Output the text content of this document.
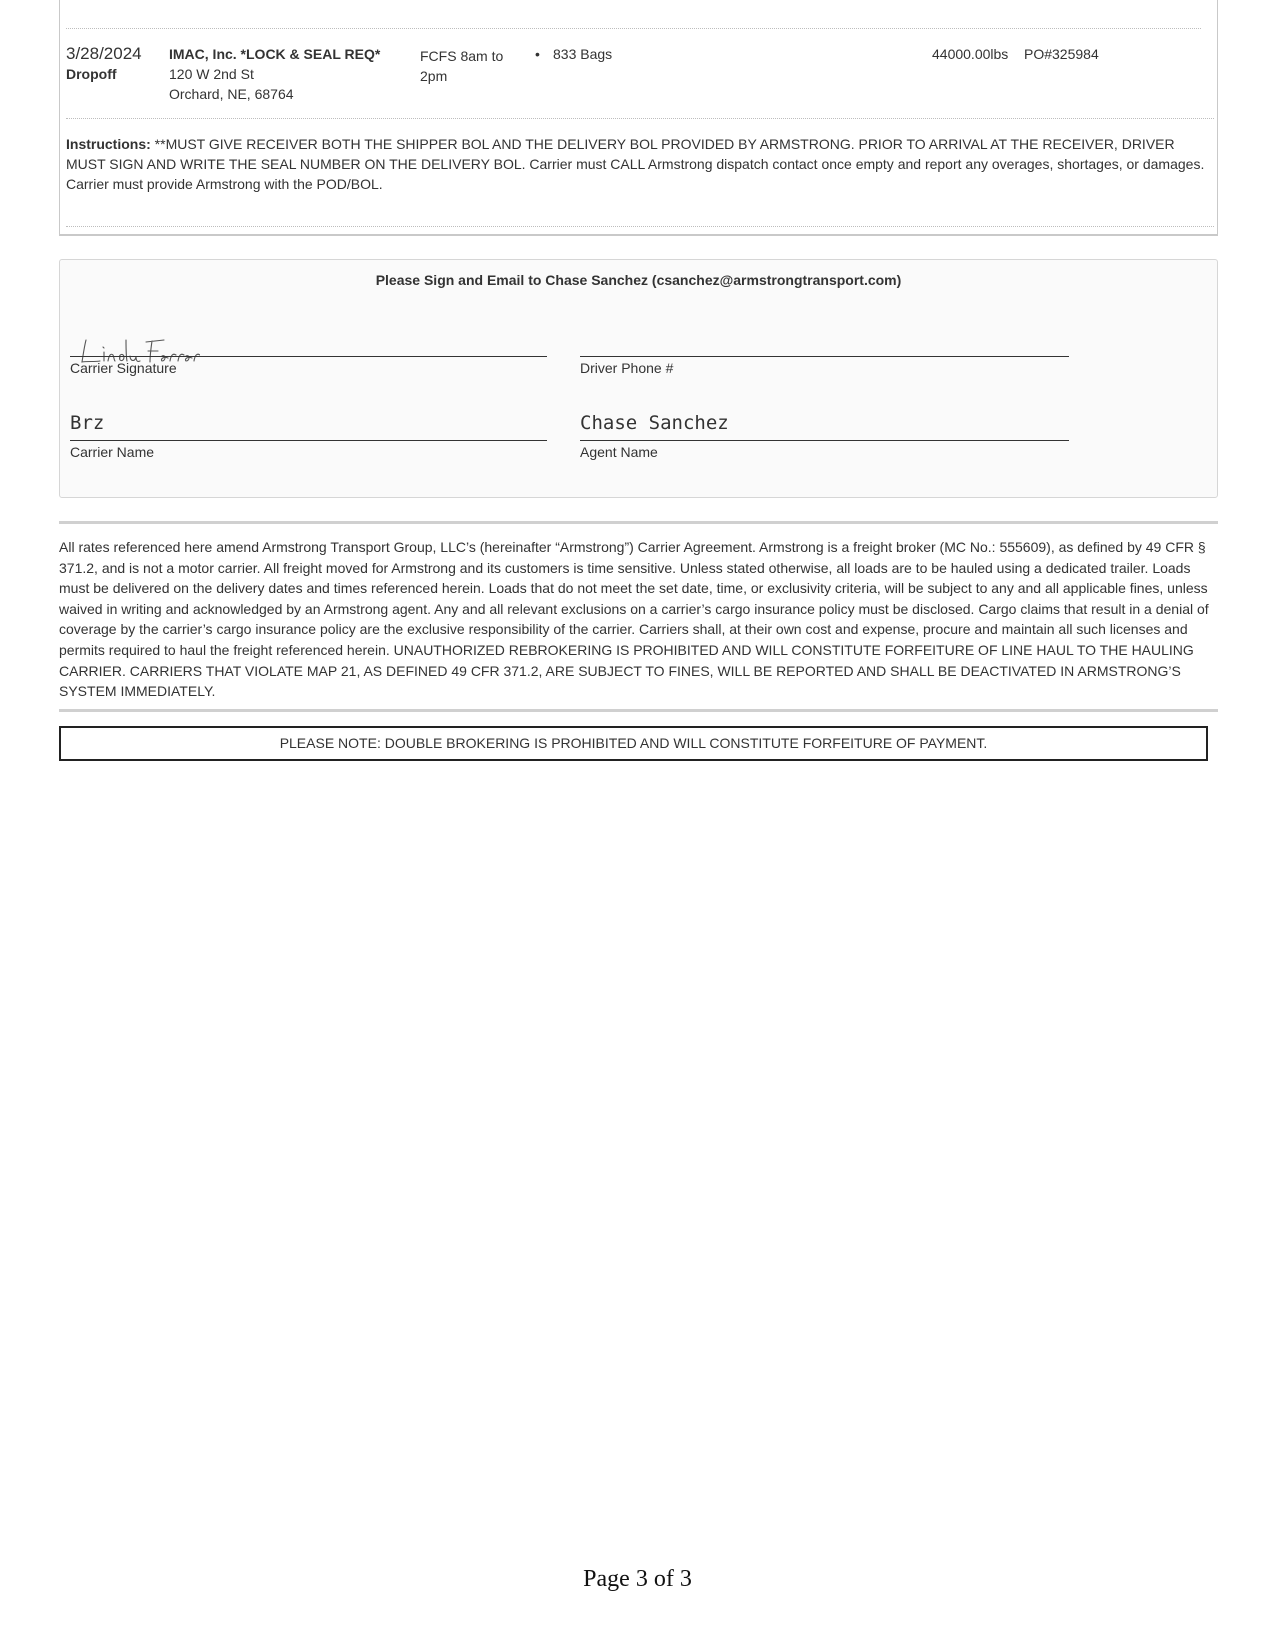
3/28/2024
Dropoff
IMAC, Inc. *LOCK & SEAL REQ*
120 W 2nd St
Orchard, NE, 68764
FCFS 8am to 2pm
• 833 Bags	44000.00lbs PO#325984
Instructions: **MUST GIVE RECEIVER BOTH THE SHIPPER BOL AND THE DELIVERY BOL PROVIDED BY ARMSTRONG. PRIOR TO ARRIVAL AT THE RECEIVER, DRIVER MUST SIGN AND WRITE THE SEAL NUMBER ON THE DELIVERY BOL. Carrier must CALL Armstrong dispatch contact once empty and report any overages, shortages, or damages. Carrier must provide Armstrong with the POD/BOL.
Please Sign and Email to Chase Sanchez (csanchez@armstrongtransport.com)
Carrier Signature	Driver Phone #
Brz
Carrier Name
Chase Sanchez
Agent Name
All rates referenced here amend Armstrong Transport Group, LLC’s (hereinafter “Armstrong”) Carrier Agreement. Armstrong is a freight broker (MC No.: 555609), as defined by 49 CFR § 371.2, and is not a motor carrier. All freight moved for Armstrong and its customers is time sensitive. Unless stated otherwise, all loads are to be hauled using a dedicated trailer. Loads must be delivered on the delivery dates and times referenced herein. Loads that do not meet the set date, time, or exclusivity criteria, will be subject to any and all applicable fines, unless waived in writing and acknowledged by an Armstrong agent. Any and all relevant exclusions on a carrier’s cargo insurance policy must be disclosed. Cargo claims that result in a denial of coverage by the carrier’s cargo insurance policy are the exclusive responsibility of the carrier. Carriers shall, at their own cost and expense, procure and maintain all such licenses and permits required to haul the freight referenced herein. UNAUTHORIZED REBROKERING IS PROHIBITED AND WILL CONSTITUTE FORFEITURE OF LINE HAUL TO THE HAULING CARRIER. CARRIERS THAT VIOLATE MAP 21, AS DEFINED 49 CFR 371.2, ARE SUBJECT TO FINES, WILL BE REPORTED AND SHALL BE DEACTIVATED IN ARMSTRONG’S SYSTEM IMMEDIATELY.
PLEASE NOTE: DOUBLE BROKERING IS PROHIBITED AND WILL CONSTITUTE FORFEITURE OF PAYMENT.
Page 3 of 3
